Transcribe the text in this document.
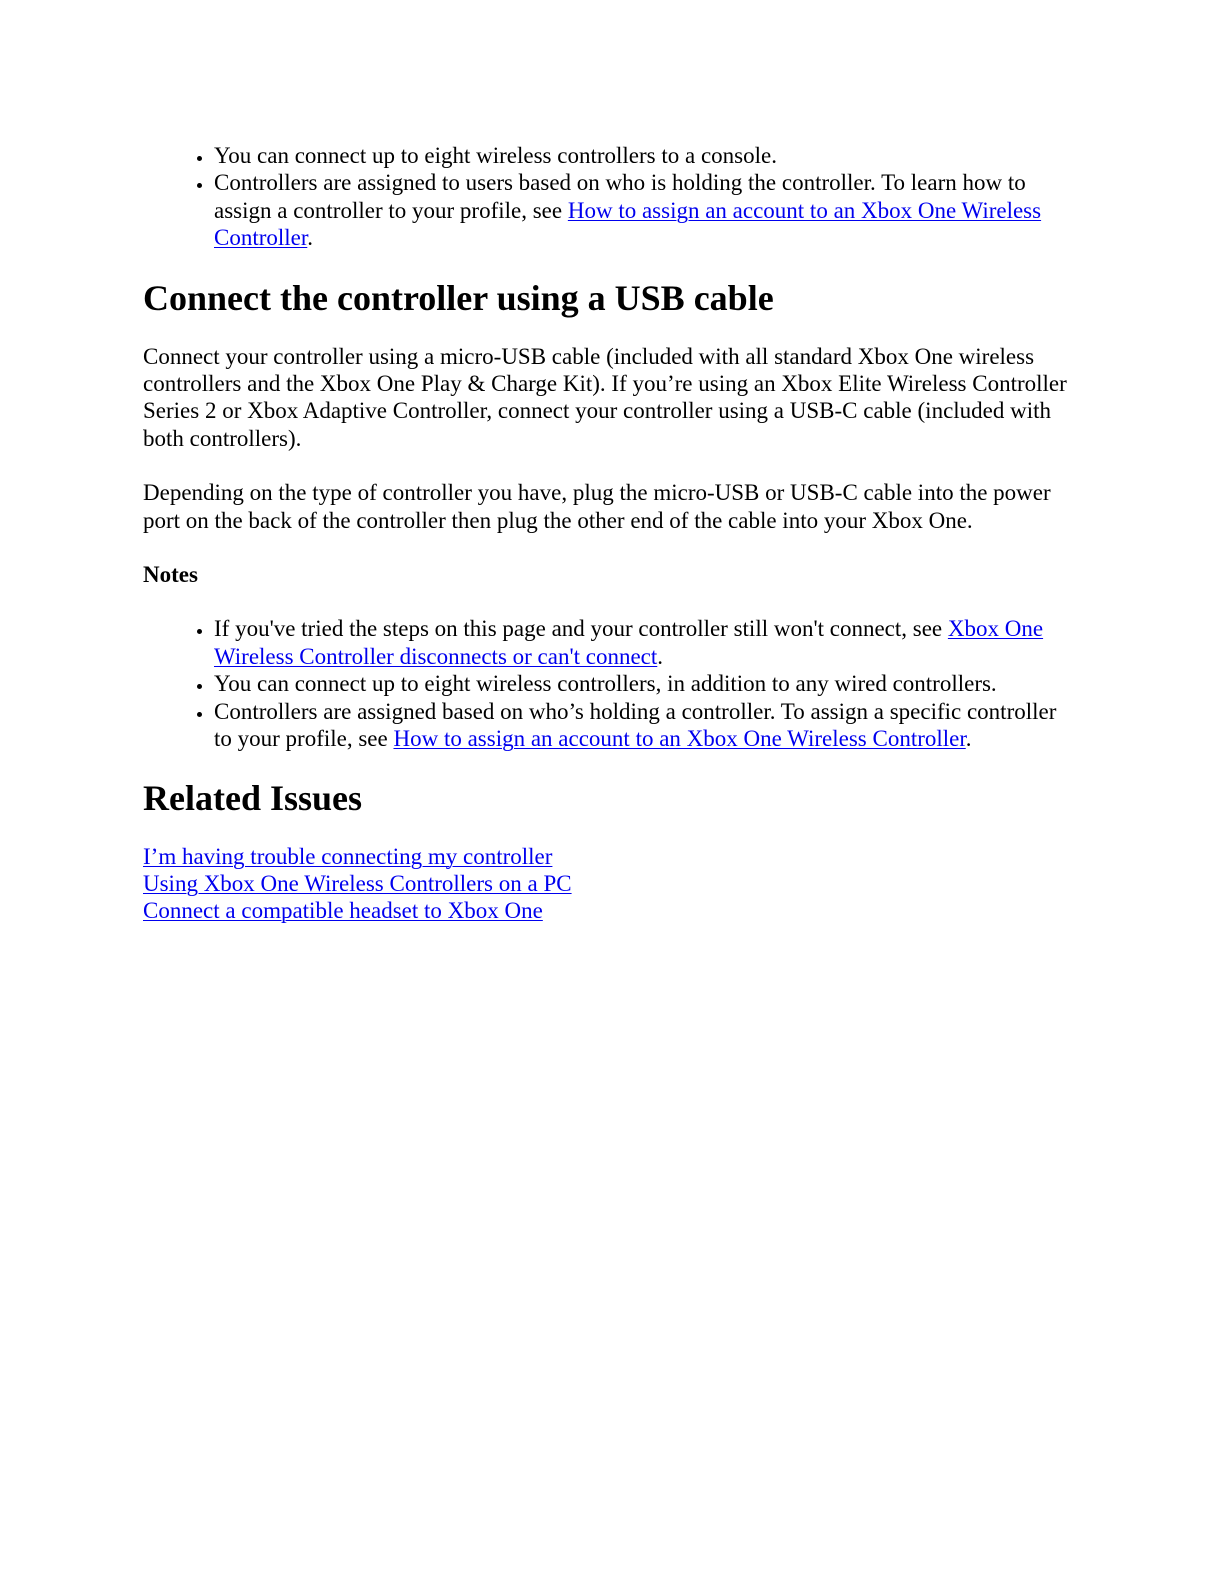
• You can connect up to eight wireless controllers to a console.
• Controllers are assigned to users based on who is holding the controller. To learn how to assign a controller to your profile, see How to assign an account to an Xbox One Wireless Controller.
Connect the controller using a USB cable

Connect your controller using a micro-USB cable (included with all standard Xbox One wireless controllers and the Xbox One Play & Charge Kit). If you’re using an Xbox Elite Wireless Controller Series 2 or Xbox Adaptive Controller, connect your controller using a USB-C cable (included with both controllers).

Depending on the type of controller you have, plug the micro-USB or USB-C cable into the power port on the back of the controller then plug the other end of the cable into your Xbox One.

Notes

• If you've tried the steps on this page and your controller still won't connect, see Xbox One Wireless Controller disconnects or can't connect.
• You can connect up to eight wireless controllers, in addition to any wired controllers.
• Controllers are assigned based on who’s holding a controller. To assign a specific controller to your profile, see How to assign an account to an Xbox One Wireless Controller.
Related Issues
I’m having trouble connecting my controller
Using Xbox One Wireless Controllers on a PC
Connect a compatible headset to Xbox One
